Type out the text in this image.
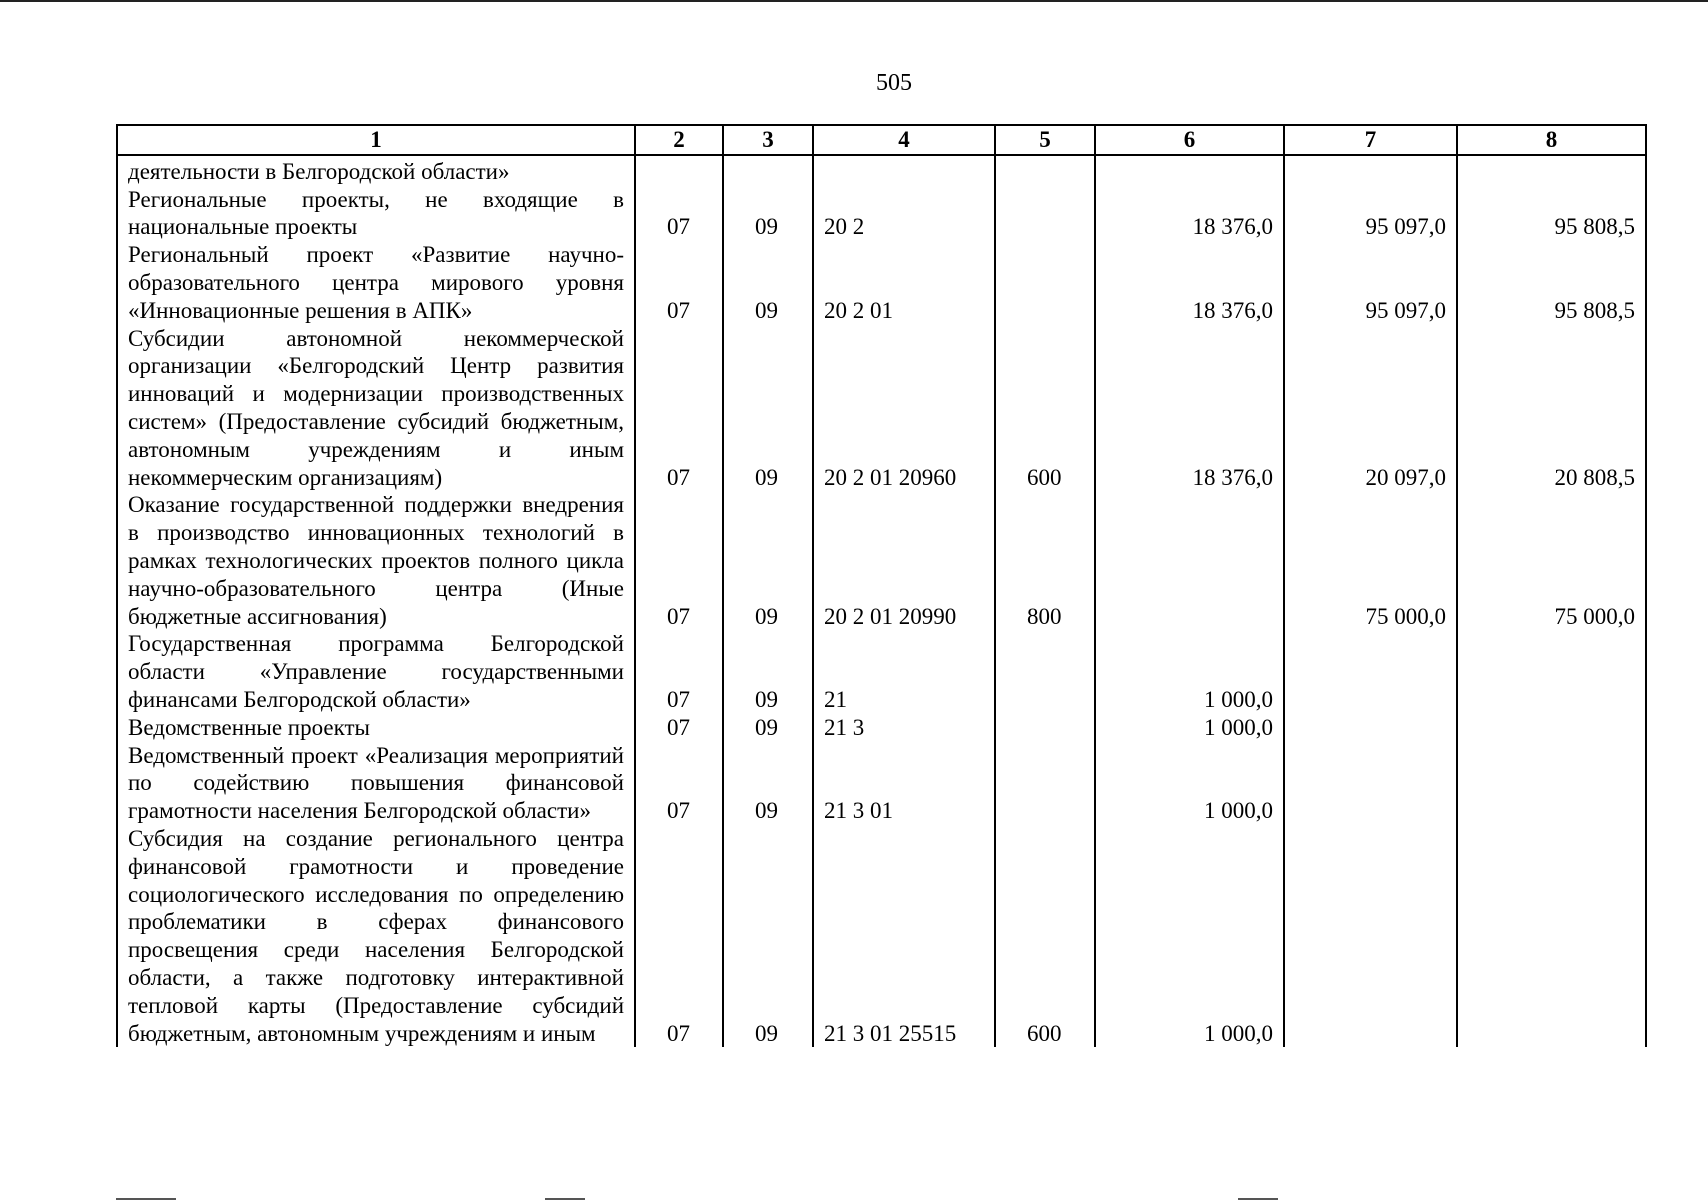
505
1	2	3	4	5	6	7	8
деятельности в Белгородской области»							
Региональные проекты, не входящие в национальные проекты	07	09	20 2		18 376,0	95 097,0	95 808,5
Региональный проект «Развитие научно-образовательного центра мирового уровня «Инновационные решения в АПК»	07	09	20 2 01		18 376,0	95 097,0	95 808,5
Субсидии автономной некоммерческой организации «Белгородский Центр развития инноваций и модернизации производственных систем» (Предоставление субсидий бюджетным, автономным учреждениям и иным некоммерческим организациям)	07	09	20 2 01 20960	600	18 376,0	20 097,0	20 808,5
Оказание государственной поддержки внедрения в производство инновационных технологий в рамках технологических проектов полного цикла научно-образовательного центра (Иные бюджетные ассигнования)	07	09	20 2 01 20990	800		75 000,0	75 000,0
Государственная программа Белгородской области «Управление государственными финансами Белгородской области»	07	09	21		1 000,0		
Ведомственные проекты	07	09	21 3		1 000,0		
Ведомственный проект «Реализация мероприятий по содействию повышения финансовой грамотности населения Белгородской области»	07	09	21 3 01		1 000,0		
Субсидия на создание регионального центра финансовой грамотности и проведение социологического исследования по определению проблематики в сферах финансового просвещения среди населения Белгородской области, а также подготовку интерактивной тепловой карты (Предоставление субсидий бюджетным, автономным учреждениям и иным	07	09	21 3 01 25515	600	1 000,0		
